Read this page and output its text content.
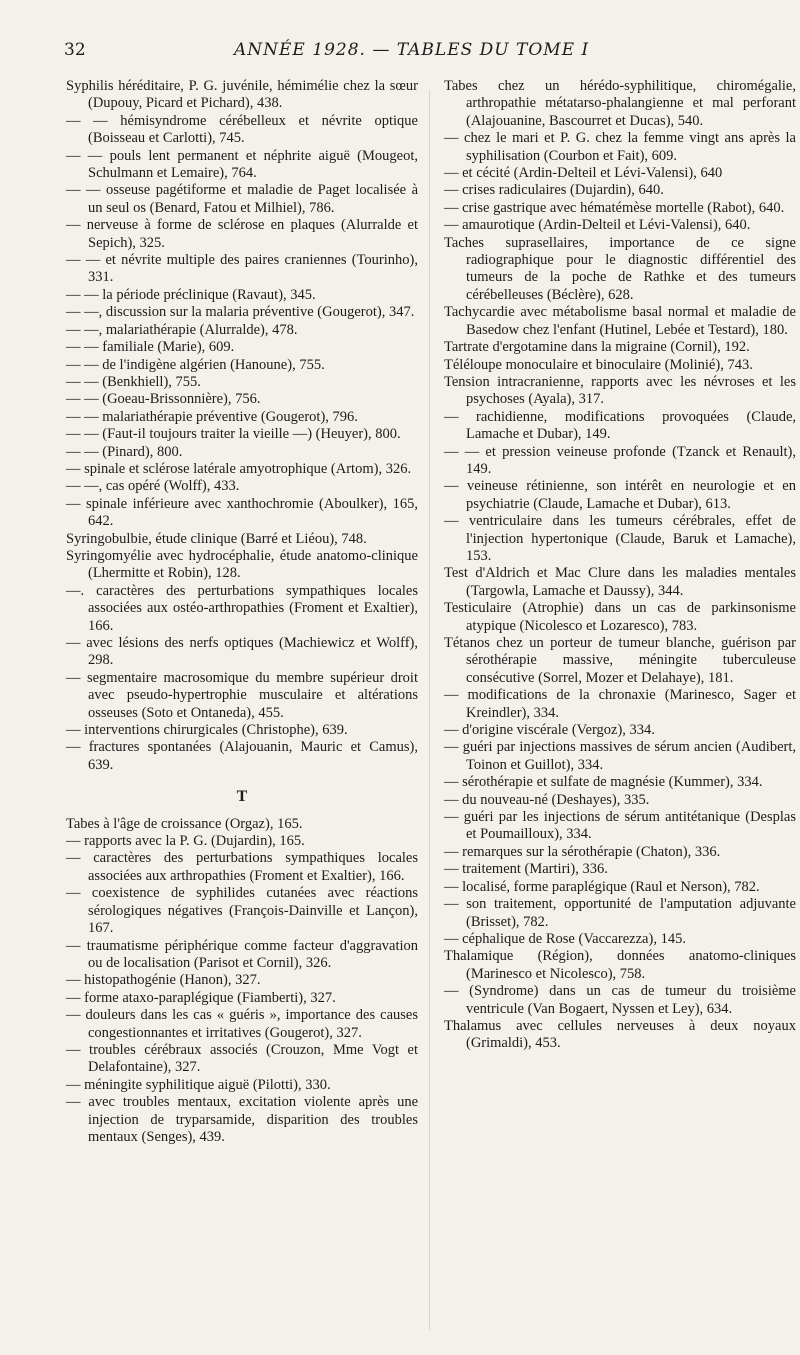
32	ANNÉE 1928. — TABLES DU TOME I

Syphilis héréditaire, P. G. juvénile, hémimélie chez la sœur (Dupouy, Picard et Pichard), 438.

— — hémisyndrome cérébelleux et névrite optique (Boisseau et Carlotti), 745.

— — pouls lent permanent et néphrite aiguë (Mougeot, Schulmann et Lemaire), 764.

— — osseuse pagétiforme et maladie de Paget localisée à un seul os (Benard, Fatou et Milhiel), 786.

— nerveuse à forme de sclérose en plaques (Alurralde et Sepich), 325.

— — et névrite multiple des paires craniennes (Tourinho), 331.

— — la période préclinique (Ravaut), 345.

— —, discussion sur la malaria préventive (Gougerot), 347.

— —, malariathérapie (Alurralde), 478.

— — familiale (Marie), 609.

— — de l'indigène algérien (Hanoune), 755.

— — (Benkhiell), 755.

— — (Goeau-Brissonnière), 756.

— — malariathérapie préventive (Gougerot), 796.

— — (Faut-il toujours traiter la vieille —) (Heuyer), 800.

— — (Pinard), 800.

— spinale et sclérose latérale amyotrophique (Artom), 326.

— —, cas opéré (Wolff), 433.

— spinale inférieure avec xanthochromie (Aboulker), 165, 642.

Syringobulbie, étude clinique (Barré et Liéou), 748.

Syringomyélie avec hydrocéphalie, étude anatomo-clinique (Lhermitte et Robin), 128.

—. caractères des perturbations sympathiques locales associées aux ostéo-arthropathies (Froment et Exaltier), 166.

— avec lésions des nerfs optiques (Machiewicz et Wolff), 298.

— segmentaire macrosomique du membre supérieur droit avec pseudo-hypertrophie musculaire et altérations osseuses (Soto et Ontaneda), 455.

— interventions chirurgicales (Christophe), 639.

— fractures spontanées (Alajouanin, Mauric et Camus), 639.

T

Tabes à l'âge de croissance (Orgaz), 165.

— rapports avec la P. G. (Dujardin), 165.

— caractères des perturbations sympathiques locales associées aux arthropathies (Froment et Exaltier), 166.

— coexistence de syphilides cutanées avec réactions sérologiques négatives (François-Dainville et Lançon), 167.

— traumatisme périphérique comme facteur d'aggravation ou de localisation (Parisot et Cornil), 326.

— histopathogénie (Hanon), 327.

— forme ataxo-paraplégique (Fiamberti), 327.

— douleurs dans les cas « guéris », importance des causes congestionnantes et irritatives (Gougerot), 327.

— troubles cérébraux associés (Crouzon, Mme Vogt et Delafontaine), 327.

— méningite syphilitique aiguë (Pilotti), 330.

— avec troubles mentaux, excitation violente après une injection de tryparsamide, disparition des troubles mentaux (Senges), 439.

Tabes chez un hérédo-syphilitique, chiromégalie, arthropathie métatarso-phalangienne et mal perforant (Alajouanine, Bascourret et Ducas), 540.

— chez le mari et P. G. chez la femme vingt ans après la syphilisation (Courbon et Fait), 609.

— et cécité (Ardin-Delteil et Lévi-Valensi), 640

— crises radiculaires (Dujardin), 640.

— crise gastrique avec hématémèse mortelle (Rabot), 640.

— amaurotique (Ardin-Delteil et Lévi-Valensi), 640.

Taches suprasellaires, importance de ce signe radiographique pour le diagnostic différentiel des tumeurs de la poche de Rathke et des tumeurs cérébelleuses (Béclère), 628.

Tachycardie avec métabolisme basal normal et maladie de Basedow chez l'enfant (Hutinel, Lebée et Testard), 180.

Tartrate d'ergotamine dans la migraine (Cornil), 192.

Téléloupe monoculaire et binoculaire (Molinié), 743.

Tension intracranienne, rapports avec les névroses et les psychoses (Ayala), 317.

— rachidienne, modifications provoquées (Claude, Lamache et Dubar), 149.

— — et pression veineuse profonde (Tzanck et Renault), 149.

— veineuse rétinienne, son intérêt en neurologie et en psychiatrie (Claude, Lamache et Dubar), 613.

— ventriculaire dans les tumeurs cérébrales, effet de l'injection hypertonique (Claude, Baruk et Lamache), 153.

Test d'Aldrich et Mac Clure dans les maladies mentales (Targowla, Lamache et Daussy), 344.

Testiculaire (Atrophie) dans un cas de parkinsonisme atypique (Nicolesco et Lozaresco), 783.

Tétanos chez un porteur de tumeur blanche, guérison par sérothérapie massive, méningite tuberculeuse consécutive (Sorrel, Mozer et Delahaye), 181.

— modifications de la chronaxie (Marinesco, Sager et Kreindler), 334.

— d'origine viscérale (Vergoz), 334.

— guéri par injections massives de sérum ancien (Audibert, Toinon et Guillot), 334.

— sérothérapie et sulfate de magnésie (Kummer), 334.

— du nouveau-né (Deshayes), 335.

— guéri par les injections de sérum antitétanique (Desplas et Poumailloux), 334.

— remarques sur la sérothérapie (Chaton), 336.

— traitement (Martiri), 336.

— localisé, forme paraplégique (Raul et Nerson), 782.

— son traitement, opportunité de l'amputation adjuvante (Brisset), 782.

— céphalique de Rose (Vaccarezza), 145.

Thalamique (Région), données anatomo-cliniques (Marinesco et Nicolesco), 758.

— (Syndrome) dans un cas de tumeur du troisième ventricule (Van Bogaert, Nyssen et Ley), 634.

Thalamus avec cellules nerveuses à deux noyaux (Grimaldi), 453.
